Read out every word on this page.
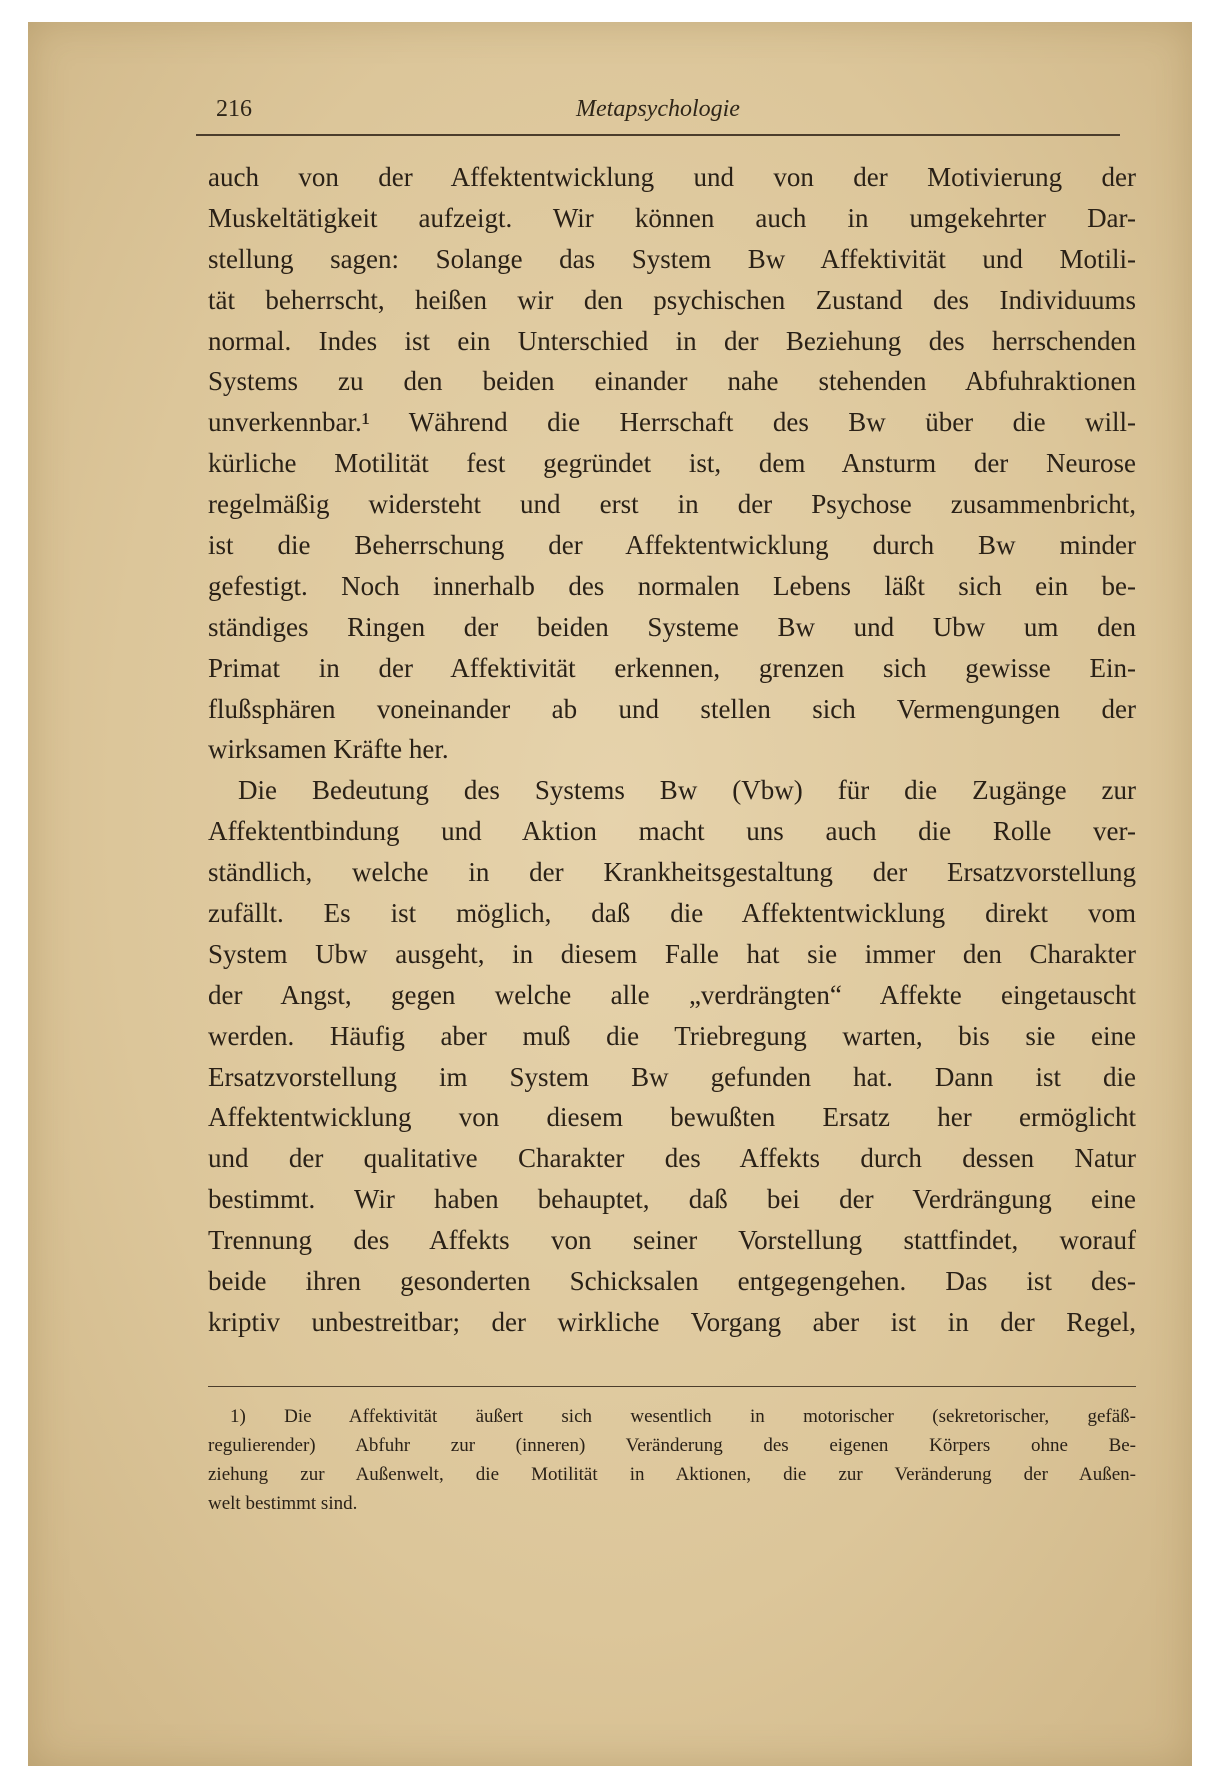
216	Metapsychologie
auch von der Affektentwicklung und von der Motivierung der
Muskeltätigkeit aufzeigt. Wir können auch in umgekehrter Dar-
stellung sagen: Solange das System Bw Affektivität und Motili-
tät beherrscht, heißen wir den psychischen Zustand des Individuums
normal. Indes ist ein Unterschied in der Beziehung des herrschenden
Systems zu den beiden einander nahe stehenden Abfuhraktionen
unverkennbar.¹ Während die Herrschaft des Bw über die will-
kürliche Motilität fest gegründet ist, dem Ansturm der Neurose
regelmäßig widersteht und erst in der Psychose zusammenbricht,
ist die Beherrschung der Affektentwicklung durch Bw minder
gefestigt. Noch innerhalb des normalen Lebens läßt sich ein be-
ständiges Ringen der beiden Systeme Bw und Ubw um den
Primat in der Affektivität erkennen, grenzen sich gewisse Ein-
flußsphären voneinander ab und stellen sich Vermengungen der
wirksamen Kräfte her.
Die Bedeutung des Systems Bw (Vbw) für die Zugänge zur
Affektentbindung und Aktion macht uns auch die Rolle ver-
ständlich, welche in der Krankheitsgestaltung der Ersatzvorstellung
zufällt. Es ist möglich, daß die Affektentwicklung direkt vom
System Ubw ausgeht, in diesem Falle hat sie immer den Charakter
der Angst, gegen welche alle „verdrängten“ Affekte eingetauscht
werden. Häufig aber muß die Triebregung warten, bis sie eine
Ersatzvorstellung im System Bw gefunden hat. Dann ist die
Affektentwicklung von diesem bewußten Ersatz her ermöglicht
und der qualitative Charakter des Affekts durch dessen Natur
bestimmt. Wir haben behauptet, daß bei der Verdrängung eine
Trennung des Affekts von seiner Vorstellung stattfindet, worauf
beide ihren gesonderten Schicksalen entgegengehen. Das ist des-
kriptiv unbestreitbar; der wirkliche Vorgang aber ist in der Regel,
1) Die Affektivität äußert sich wesentlich in motorischer (sekretorischer, gefäß-
regulierender) Abfuhr zur (inneren) Veränderung des eigenen Körpers ohne Be-
ziehung zur Außenwelt, die Motilität in Aktionen, die zur Veränderung der Außen-
welt bestimmt sind.
